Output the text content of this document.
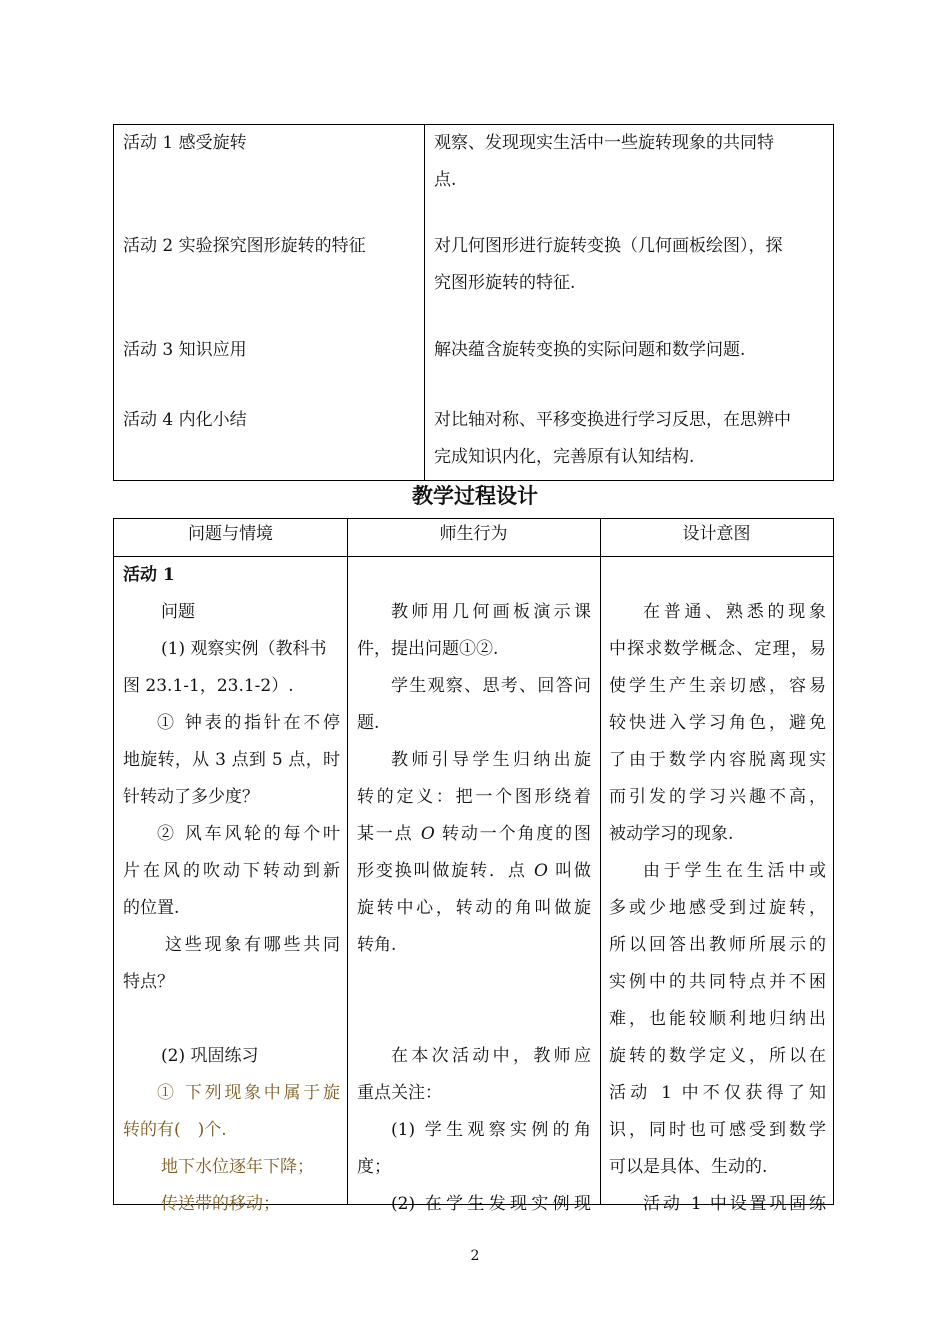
活动 1 感受旋转
活动 2 实验探究图形旋转的特征
活动 3 知识应用
活动 4 内化小结
观察、发现现实生活中一些旋转现象的共同特
点.
对几何图形进行旋转变换（几何画板绘图），探
究图形旋转的特征.
解决蕴含旋转变换的实际问题和数学问题.
对比轴对称、平移变换进行学习反思，在思辨中
完成知识内化，完善原有认知结构.
教学过程设计
问题与情境	师生行为	设计意图

活动 1

问题

(1) 观察实例（教科书

图 23.1-1，23.1-2）.

① 钟表的指针在不停

地旋转，从 3 点到 5 点，时

针转动了多少度？

② 风车风轮的每个叶

片在风的吹动下转动到新

的位置.

这些现象有哪些共同

特点？

(2) 巩固练习

① 下列现象中属于旋

转的有(　)个.

地下水位逐年下降；

传送带的移动；

教师用几何画板演示课

件，提出问题①②.

学生观察、思考、回答问

题.

教师引导学生归纳出旋

转的定义：把一个图形绕着

某一点 O 转动一个角度的图

形变换叫做旋转．点 O 叫做

旋转中心，转动的角叫做旋

转角.

在本次活动中，教师应

重点关注：

(1) 学生观察实例的角

度；

(2) 在学生发现实例现

在普通、熟悉的现象

中探求数学概念、定理，易

使学生产生亲切感，容易

较快进入学习角色，避免

了由于数学内容脱离现实

而引发的学习兴趣不高，

被动学习的现象.

由于学生在生活中或

多或少地感受到过旋转，

所以回答出教师所展示的

实例中的共同特点并不困

难，也能较顺利地归纳出

旋转的数学定义，所以在

活动 1 中不仅获得了知

识，同时也可感受到数学

可以是具体、生动的.

活动 1 中设置巩固练

2
